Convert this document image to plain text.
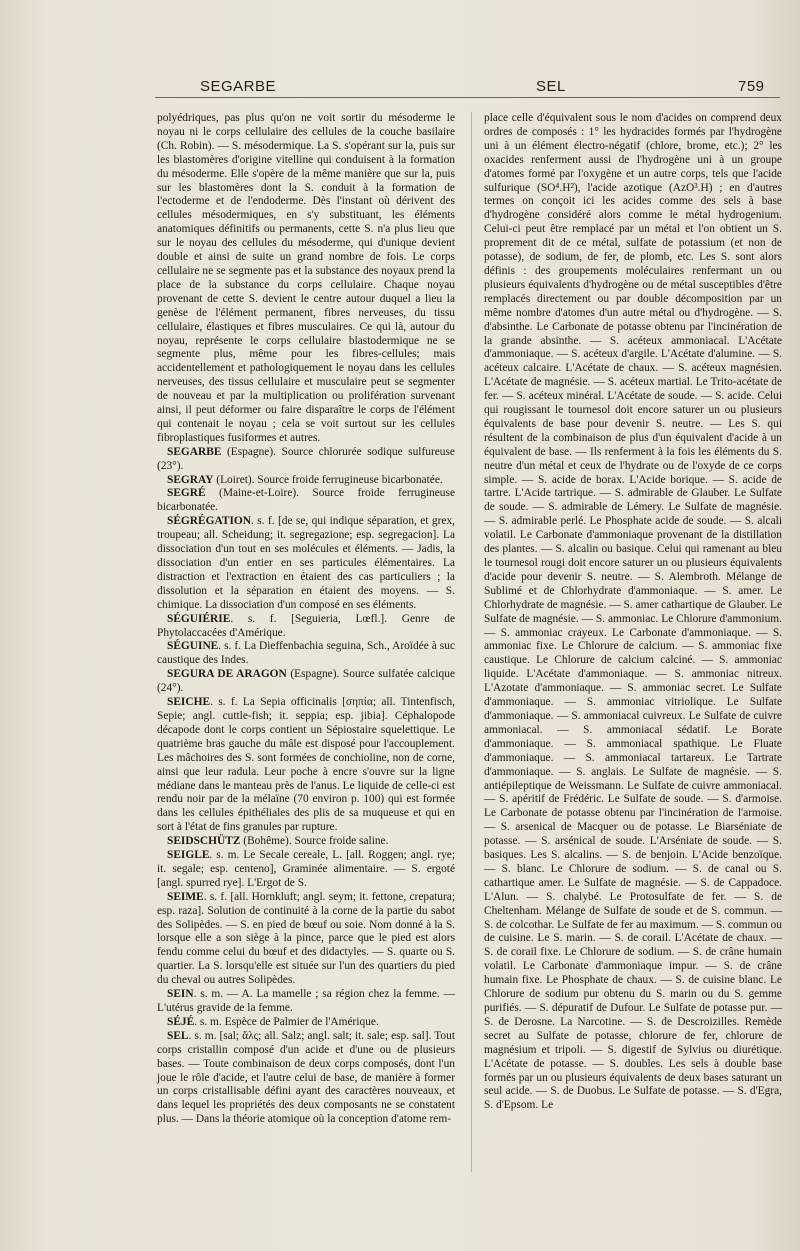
SEGARBE	SEL	759

polyédriques, pas plus qu'on ne voit sortir du mésoderme le noyau ni le corps cellulaire des cellules de la couche basilaire (Ch. Robin). — S. mésodermique. La S. s'opérant sur la, puis sur les blastomères d'origine vitelline qui conduisent à la formation du mésoderme. Elle s'opère de la même manière que sur la, puis sur les blastomères dont la S. conduit à la formation de l'ectoderme et de l'endoderme. Dès l'instant où dérivent des cellules mésodermiques, en s'y substituant, les éléments anatomiques définitifs ou permanents, cette S. n'a plus lieu que sur le noyau des cellules du mésoderme, qui d'unique devient double et ainsi de suite un grand nombre de fois. Le corps cellulaire ne se segmente pas et la substance des noyaux prend la place de la substance du corps cellulaire. Chaque noyau provenant de cette S. devient le centre autour duquel a lieu la genèse de l'élément permanent, fibres nerveuses, du tissu cellulaire, élastiques et fibres musculaires. Ce qui là, autour du noyau, représente le corps cellulaire blastodermique ne se segmente plus, même pour les fibres-cellules; mais accidentellement et pathologiquement le noyau dans les cellules nerveuses, des tissus cellulaire et musculaire peut se segmenter de nouveau et par la multiplication ou prolifération survenant ainsi, il peut déformer ou faire disparaître le corps de l'élément qui contenait le noyau ; cela se voit surtout sur les cellules fibroplastiques fusiformes et autres.

SEGARBE (Espagne). Source chlorurée sodique sulfureuse (23°).

SEGRAY (Loiret). Source froide ferrugineuse bicarbonatée.

SEGRÉ (Maine-et-Loire). Source froide ferrugineuse bicarbonatée.

SÉGRÉGATION. s. f. [de se, qui indique séparation, et grex, troupeau; all. Scheidung; it. segregazione; esp. segregacion]. La dissociation d'un tout en ses molécules et éléments. — Jadis, la dissociation d'un entier en ses particules élémentaires. La distraction et l'extraction en étaient des cas particuliers ; la dissolution et la séparation en étaient des moyens. — S. chimique. La dissociation d'un composé en ses éléments.

SÉGUIÉRIE. s. f. [Seguieria, Lœfl.]. Genre de Phytolaccacées d'Amérique.

SÉGUINE. s. f. La Dieffenbachia seguina, Sch., Aroïdée à suc caustique des Indes.

SEGURA DE ARAGON (Espagne). Source sulfatée calcique (24°).

SEICHE. s. f. La Sepia officinalis [σηπία; all. Tintenfisch, Sepie; angl. cuttle-fish; it. seppia; esp. jibia]. Céphalopode décapode dont le corps contient un Sépiostaire squelettique. Le quatrième bras gauche du mâle est disposé pour l'accouplement. Les mâchoires des S. sont formées de conchioline, non de corne, ainsi que leur radula. Leur poche à encre s'ouvre sur la ligne médiane dans le manteau près de l'anus. Le liquide de celle-ci est rendu noir par de la mélaïne (70 environ p. 100) qui est formée dans les cellules épithéliales des plis de sa muqueuse et qui en sort à l'état de fins granules par rupture.

SEIDSCHÜTZ (Bohême). Source froide saline.

SEIGLE. s. m. Le Secale cereale, L. [all. Roggen; angl. rye; it. segale; esp. centeno], Graminée alimentaire. — S. ergoté [angl. spurred rye]. L'Ergot de S.

SEIME. s. f. [all. Hornkluft; angl. seym; it. fettone, crepatura; esp. raza]. Solution de continuité à la corne de la partie du sabot des Solipèdes. — S. en pied de bœuf ou soie. Nom donné à la S. lorsque elle a son siège à la pince, parce que le pied est alors fendu comme celui du bœuf et des didactyles. — S. quarte ou S. quartier. La S. lorsqu'elle est située sur l'un des quartiers du pied du cheval ou autres Solipèdes.

SEIN. s. m. — A. La mamelle ; sa région chez la femme. — L'utérus gravide de la femme.

SÉJÉ. s. m. Espèce de Palmier de l'Amérique.

SEL. s. m. [sal; ἅλς; all. Salz; angl. salt; it. sale; esp. sal]. Tout corps cristallin composé d'un acide et d'une ou de plusieurs bases. — Toute combinaison de deux corps composés, dont l'un joue le rôle d'acide, et l'autre celui de base, de manière à former un corps cristallisable défini ayant des caractères nouveaux, et dans lequel les propriétés des deux composants ne se constatent plus. — Dans la théorie atomique où la conception d'atome rem-

place celle d'équivalent sous le nom d'acides on comprend deux ordres de composés : 1° les hydracides formés par l'hydrogène uni à un élément électro-négatif (chlore, brome, etc.); 2° les oxacides renferment aussi de l'hydrogène uni à un groupe d'atomes formé par l'oxygène et un autre corps, tels que l'acide sulfurique (SO⁴.H²), l'acide azotique (AzO³.H) ; en d'autres termes on conçoit ici les acides comme des sels à base d'hydrogène considéré alors comme le métal hydrogenium. Celui-ci peut être remplacé par un métal et l'on obtient un S. proprement dit de ce métal, sulfate de potassium (et non de potasse), de sodium, de fer, de plomb, etc. Les S. sont alors définis : des groupements moléculaires renfermant un ou plusieurs équivalents d'hydrogène ou de métal susceptibles d'être remplacés directement ou par double décomposition par un même nombre d'atomes d'un autre métal ou d'hydrogène. — S. d'absinthe. Le Carbonate de potasse obtenu par l'incinération de la grande absinthe. — S. acéteux ammoniacal. L'Acétate d'ammoniaque. — S. acéteux d'argile. L'Acétate d'alumine. — S. acéteux calcaire. L'Acétate de chaux. — S. acéteux magnésien. L'Acétate de magnésie. — S. acéteux martial. Le Trito-acétate de fer. — S. acéteux minéral. L'Acétate de soude. — S. acide. Celui qui rougissant le tournesol doit encore saturer un ou plusieurs équivalents de base pour devenir S. neutre. — Les S. qui résultent de la combinaison de plus d'un équivalent d'acide à un équivalent de base. — Ils renferment à la fois les éléments du S. neutre d'un métal et ceux de l'hydrate ou de l'oxyde de ce corps simple. — S. acide de borax. L'Acide borique. — S. acide de tartre. L'Acide tartrique. — S. admirable de Glauber. Le Sulfate de soude. — S. admirable de Lémery. Le Sulfate de magnésie. — S. admirable perlé. Le Phosphate acide de soude. — S. alcali volatil. Le Carbonate d'ammoniaque provenant de la distillation des plantes. — S. alcalin ou basique. Celui qui ramenant au bleu le tournesol rougi doit encore saturer un ou plusieurs équivalents d'acide pour devenir S. neutre. — S. Alembroth. Mélange de Sublimé et de Chlorhydrate d'ammoniaque. — S. amer. Le Chlorhydrate de magnésie. — S. amer cathartique de Glauber. Le Sulfate de magnésie. — S. ammoniac. Le Chlorure d'ammonium. — S. ammoniac crayeux. Le Carbonate d'ammoniaque. — S. ammoniac fixe. Le Chlorure de calcium. — S. ammoniac fixe caustique. Le Chlorure de calcium calciné. — S. ammoniac liquide. L'Acétate d'ammoniaque. — S. ammoniac nitreux. L'Azotate d'ammoniaque. — S. ammoniac secret. Le Sulfate d'ammoniaque. — S. ammoniac vitriolique. Le Sulfate d'ammoniaque. — S. ammoniacal cuivreux. Le Sulfate de cuivre ammoniacal. — S. ammoniacal sédatif. Le Borate d'ammoniaque. — S. ammoniacal spathique. Le Fluate d'ammoniaque. — S. ammoniacal tartareux. Le Tartrate d'ammoniaque. — S. anglais. Le Sulfate de magnésie. — S. antiépileptique de Weissmann. Le Sulfate de cuivre ammoniacal. — S. apéritif de Frédéric. Le Sulfate de soude. — S. d'armoise. Le Carbonate de potasse obtenu par l'incinération de l'armoise. — S. arsenical de Macquer ou de potasse. Le Biarséniate de potasse. — S. arsénical de soude. L'Arséniate de soude. — S. basiques. Les S. alcalins. — S. de benjoin. L'Acide benzoïque. — S. blanc. Le Chlorure de sodium. — S. de canal ou S. cathartique amer. Le Sulfate de magnésie. — S. de Cappadoce. L'Alun. — S. chalybé. Le Protosulfate de fer. — S. de Cheltenham. Mélange de Sulfate de soude et de S. commun. — S. de colcothar. Le Sulfate de fer au maximum. — S. commun ou de cuisine. Le S. marin. — S. de corail. L'Acétate de chaux. — S. de corail fixe. Le Chlorure de sodium. — S. de crâne humain volatil. Le Carbonate d'ammoniaque impur. — S. de crâne humain fixe. Le Phosphate de chaux. — S. de cuisine blanc. Le Chlorure de sodium pur obtenu du S. marin ou du S. gemme purifiés. — S. dépuratif de Dufour. Le Sulfate de potasse pur. — S. de Derosne. La Narcotine. — S. de Descroizilles. Remède secret au Sulfate de potasse, chlorure de fer, chlorure de magnésium et tripoli. — S. digestif de Sylvius ou diurétique. L'Acétate de potasse. — S. doubles. Les sels à double base formés par un ou plusieurs équivalents de deux bases saturant un seul acide. — S. de Duobus. Le Sulfate de potasse. — S. d'Egra, S. d'Epsom. Le
